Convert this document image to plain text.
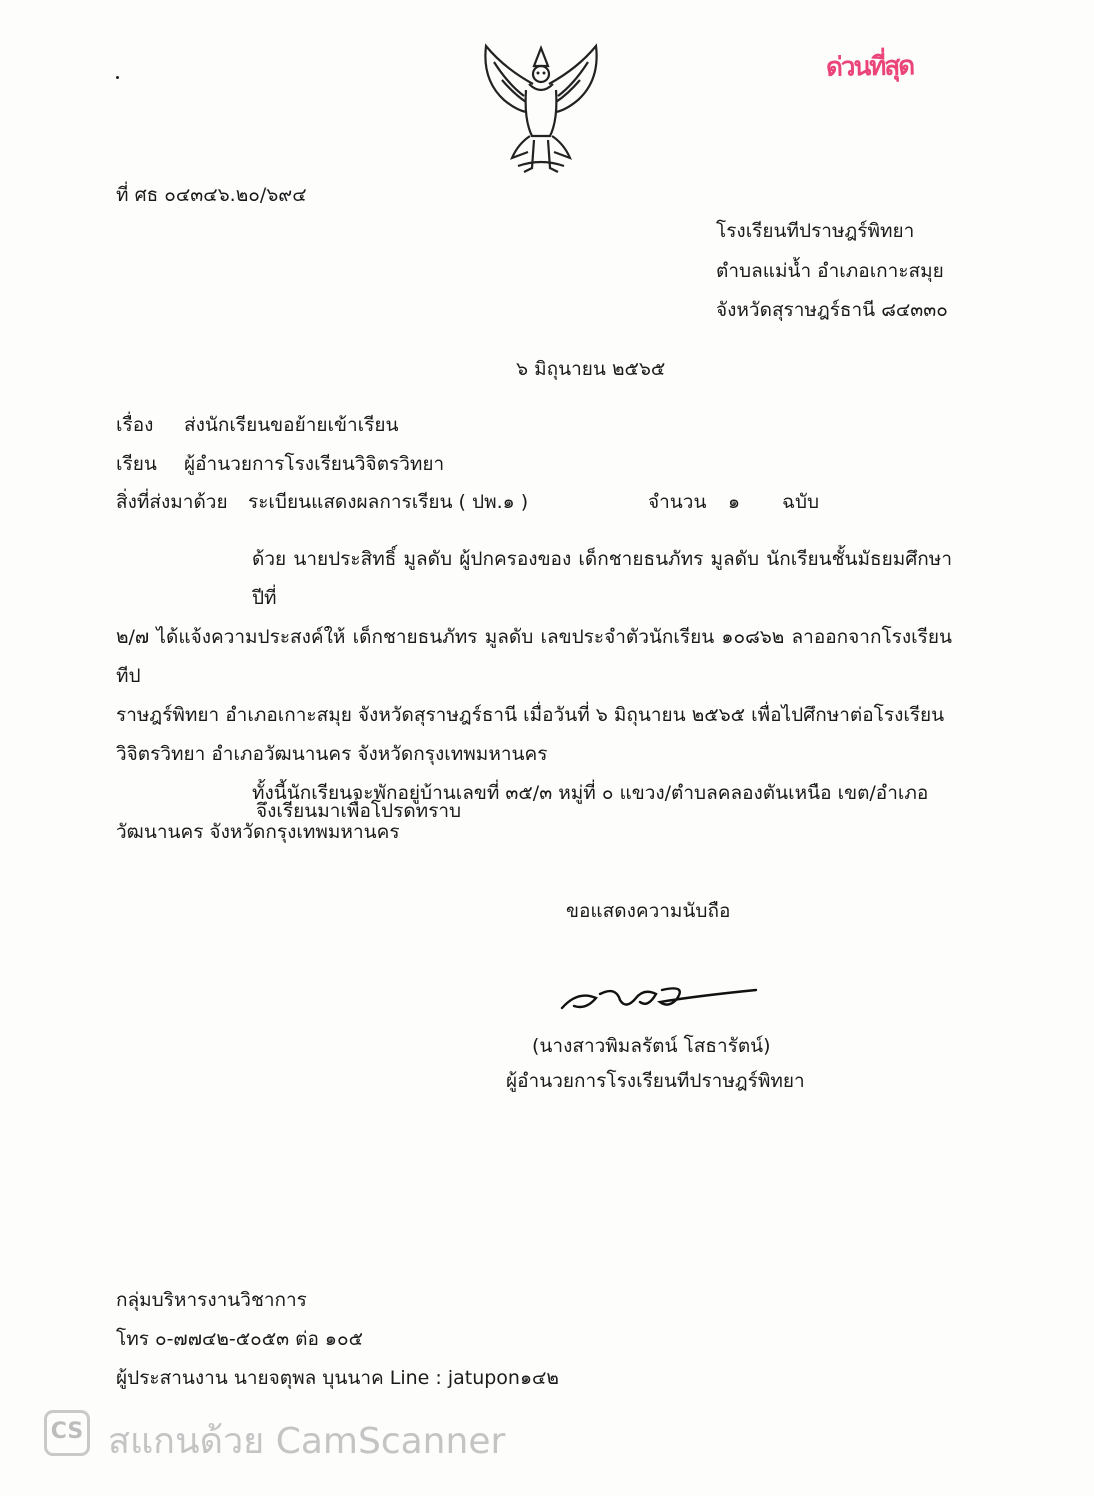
ด่วนที่สุด
ที่ ศธ ๐๔๓๔๖.๒๐/๖๙๔
โรงเรียนทีปราษฎร์พิทยา
ตำบลแม่น้ำ อำเภอเกาะสมุย
จังหวัดสุราษฎร์ธานี ๘๔๓๓๐
๖ มิถุนายน ๒๕๖๕
เรื่อง ส่งนักเรียนขอย้ายเข้าเรียน
เรียน ผู้อำนวยการโรงเรียนวิจิตรวิทยา
สิ่งที่ส่งมาด้วย ระเบียนแสดงผลการเรียน ( ปพ.๑ )	จำนวน ๑ ฉบับ
ด้วย นายประสิทธิ์ มูลดับ ผู้ปกครองของ เด็กชายธนภัทร มูลดับ นักเรียนชั้นมัธยมศึกษาปีที่
๒/๗ ได้แจ้งความประสงค์ให้ เด็กชายธนภัทร มูลดับ เลขประจำตัวนักเรียน ๑๐๘๖๒ ลาออกจากโรงเรียนทีป
ราษฎร์พิทยา อำเภอเกาะสมุย จังหวัดสุราษฎร์ธานี เมื่อวันที่ ๖ มิถุนายน ๒๕๖๕ เพื่อไปศึกษาต่อโรงเรียน
วิจิตรวิทยา อำเภอวัฒนานคร จังหวัดกรุงเทพมหานคร
ทั้งนี้นักเรียนจะพักอยู่บ้านเลขที่ ๓๕/๓ หมู่ที่ ๐ แขวง/ตำบลคลองตันเหนือ เขต/อำเภอ
วัฒนานคร จังหวัดกรุงเทพมหานคร
จึงเรียนมาเพื่อโปรดทราบ
ขอแสดงความนับถือ
(นางสาวพิมลรัตน์ โสธารัตน์)
ผู้อำนวยการโรงเรียนทีปราษฎร์พิทยา
กลุ่มบริหารงานวิชาการ
โทร ๐-๗๗๔๒-๕๐๕๓ ต่อ ๑๐๕
ผู้ประสานงาน นายจตุพล บุนนาค Line : jatupon๑๔๒
CS สแกนด้วย CamScanner
